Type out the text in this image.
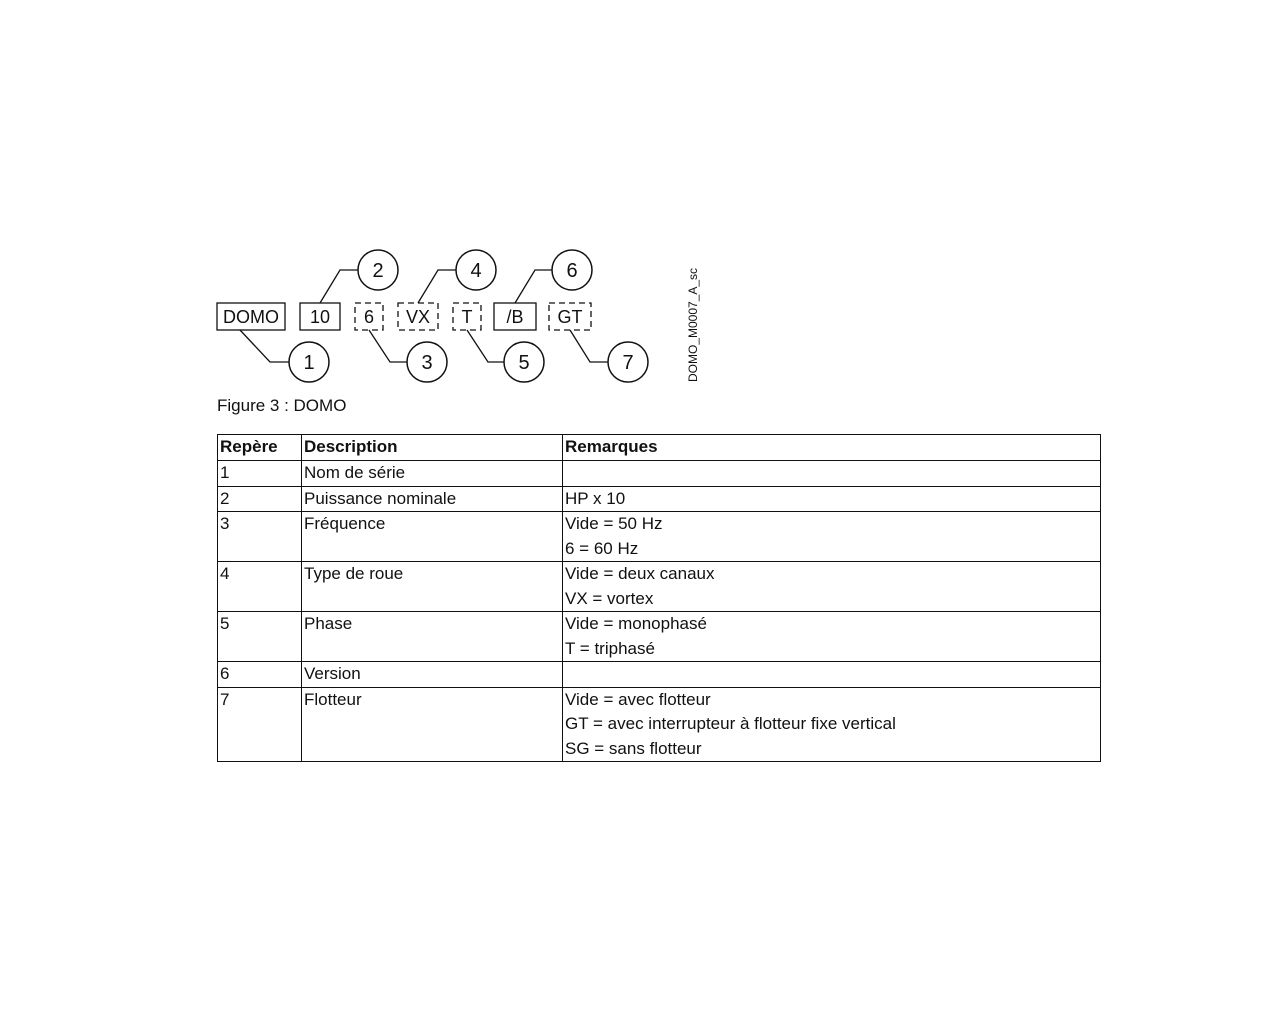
DOMO 10 6 VX T /B GT
1
2
3
4
5
6
7	DOMO_M0007_A_sc
Figure 3 : DOMO
Repère	Description	Remarques
1	Nom de série	
2	Puissance nominale	HP x 10

3	Fréquence	Vide = 50 Hz
6 = 60 Hz

4	Type de roue	Vide = deux canaux
VX = vortex

5	Phase	Vide = monophasé
T = triphasé

6	Version	
7	Flotteur	Vide = avec flotteur
GT = avec interrupteur à flotteur fixe vertical
SG = sans flotteur
